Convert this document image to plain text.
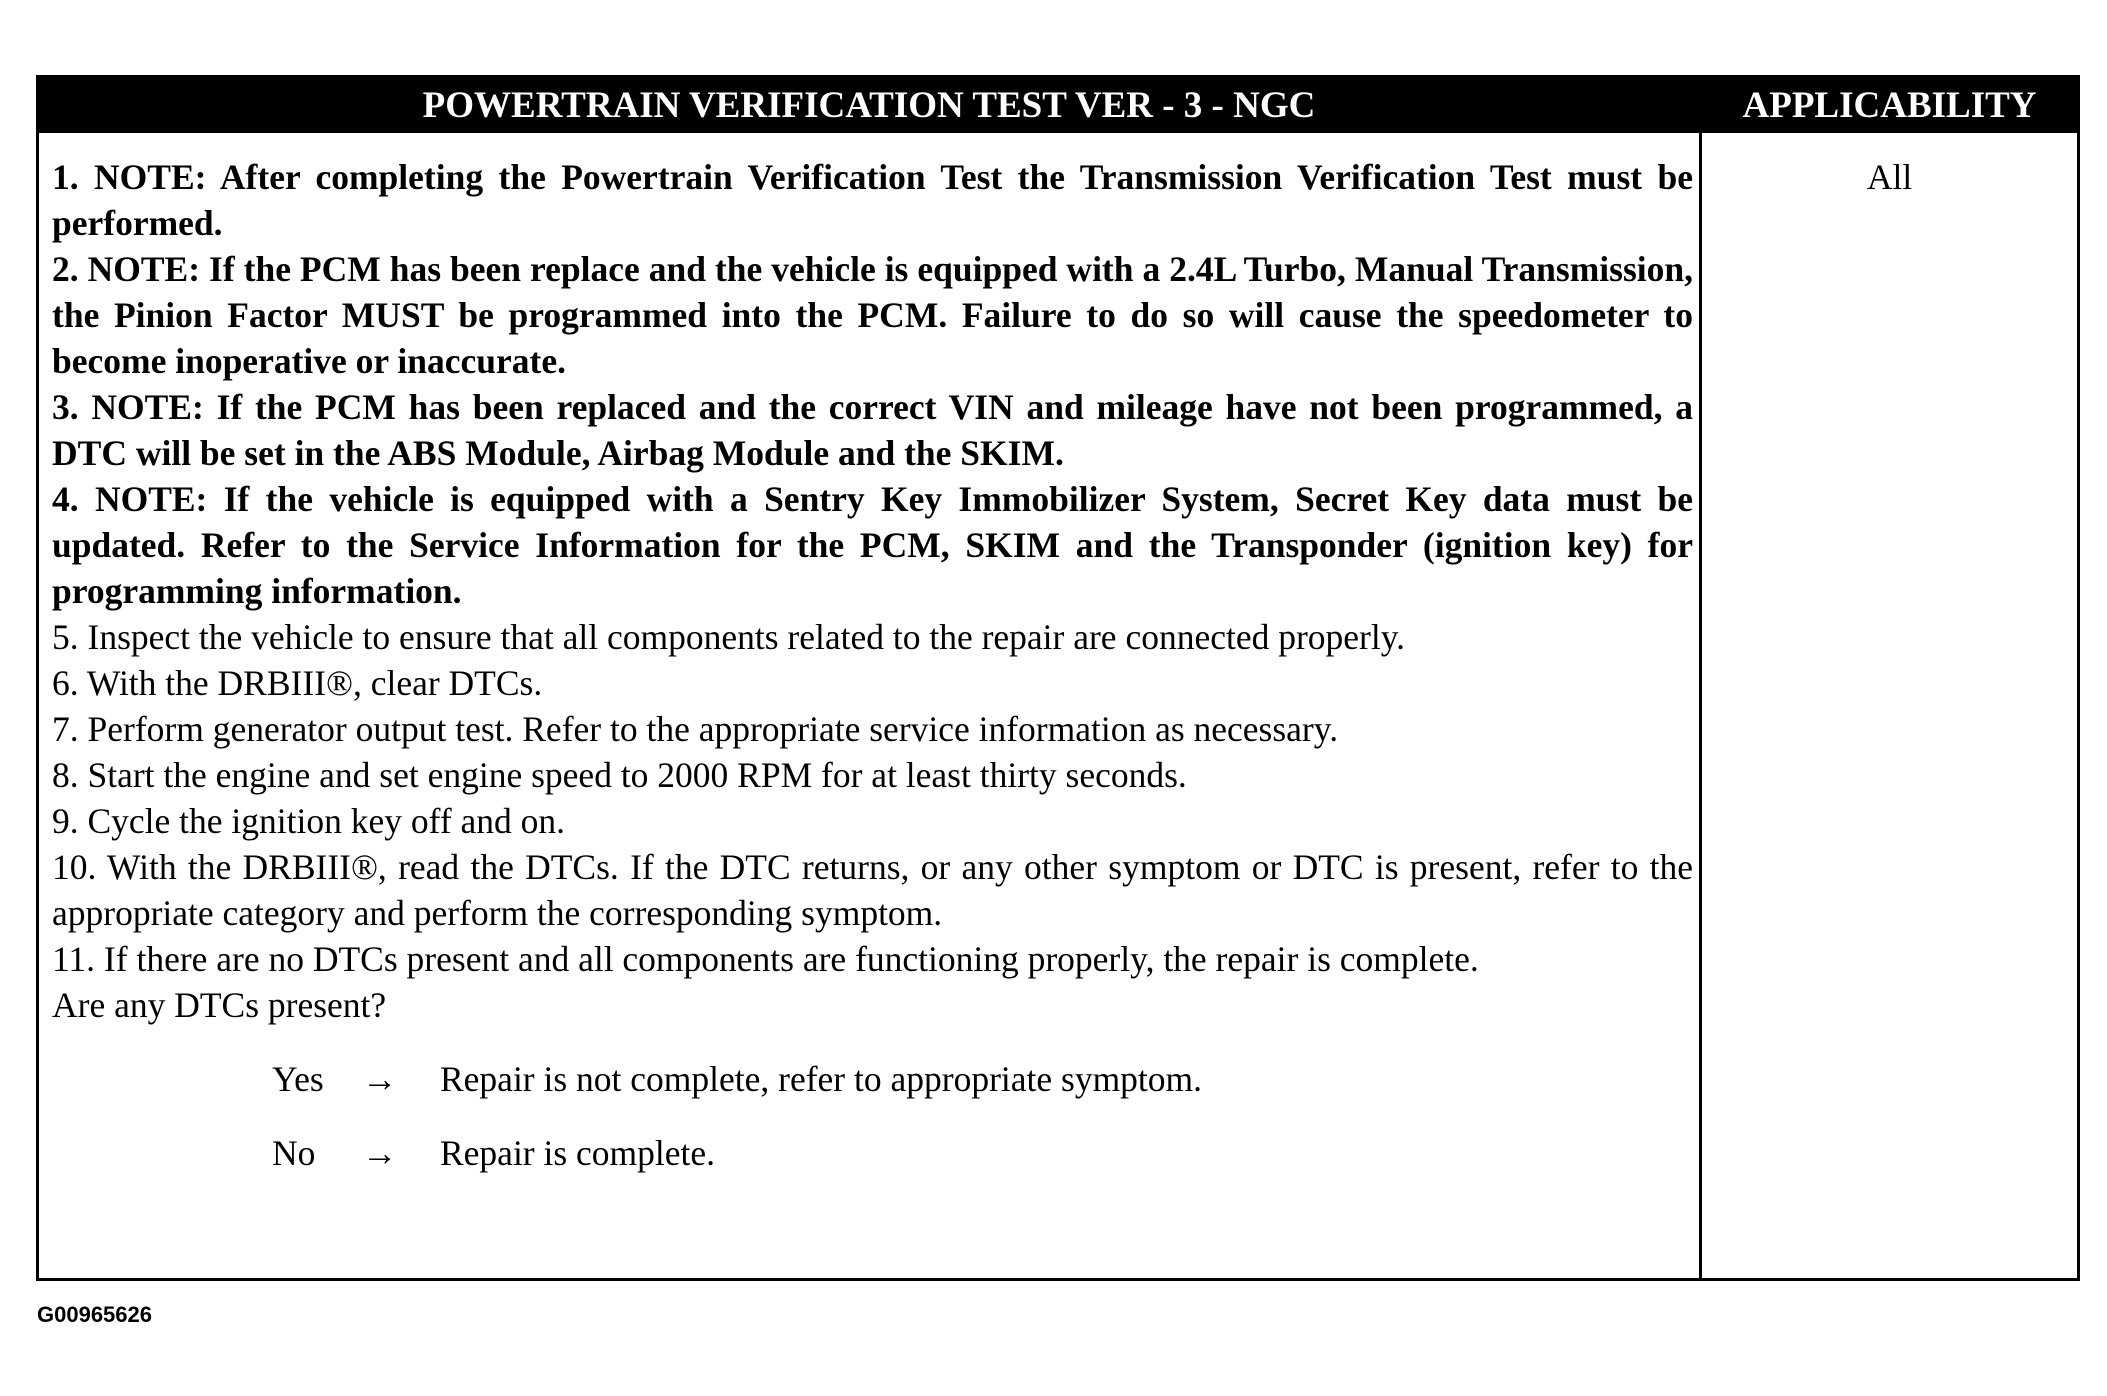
POWERTRAIN VERIFICATION TEST VER - 3 - NGC	APPLICABILITY
1. NOTE: After completing the Powertrain Verification Test the Transmission Verification Test must be performed.
2. NOTE: If the PCM has been replace and the vehicle is equipped with a 2.4L Turbo, Manual Transmission, the Pinion Factor MUST be programmed into the PCM. Failure to do so will cause the speedometer to become inoperative or inaccurate.
3. NOTE: If the PCM has been replaced and the correct VIN and mileage have not been programmed, a DTC will be set in the ABS Module, Airbag Module and the SKIM.
4. NOTE: If the vehicle is equipped with a Sentry Key Immobilizer System, Secret Key data must be updated. Refer to the Service Information for the PCM, SKIM and the Transponder (ignition key) for programming information.
5. Inspect the vehicle to ensure that all components related to the repair are connected properly.
6. With the DRBIII®, clear DTCs.
7. Perform generator output test. Refer to the appropriate service information as necessary.
8. Start the engine and set engine speed to 2000 RPM for at least thirty seconds.
9. Cycle the ignition key off and on.
10. With the DRBIII®, read the DTCs. If the DTC returns, or any other symptom or DTC is present, refer to the appropriate category and perform the corresponding symptom.
11. If there are no DTCs present and all components are functioning properly, the repair is complete.
Are any DTCs present?
Yes	→	Repair is not complete, refer to appropriate symptom.
No	→	Repair is complete.
All
G00965626
